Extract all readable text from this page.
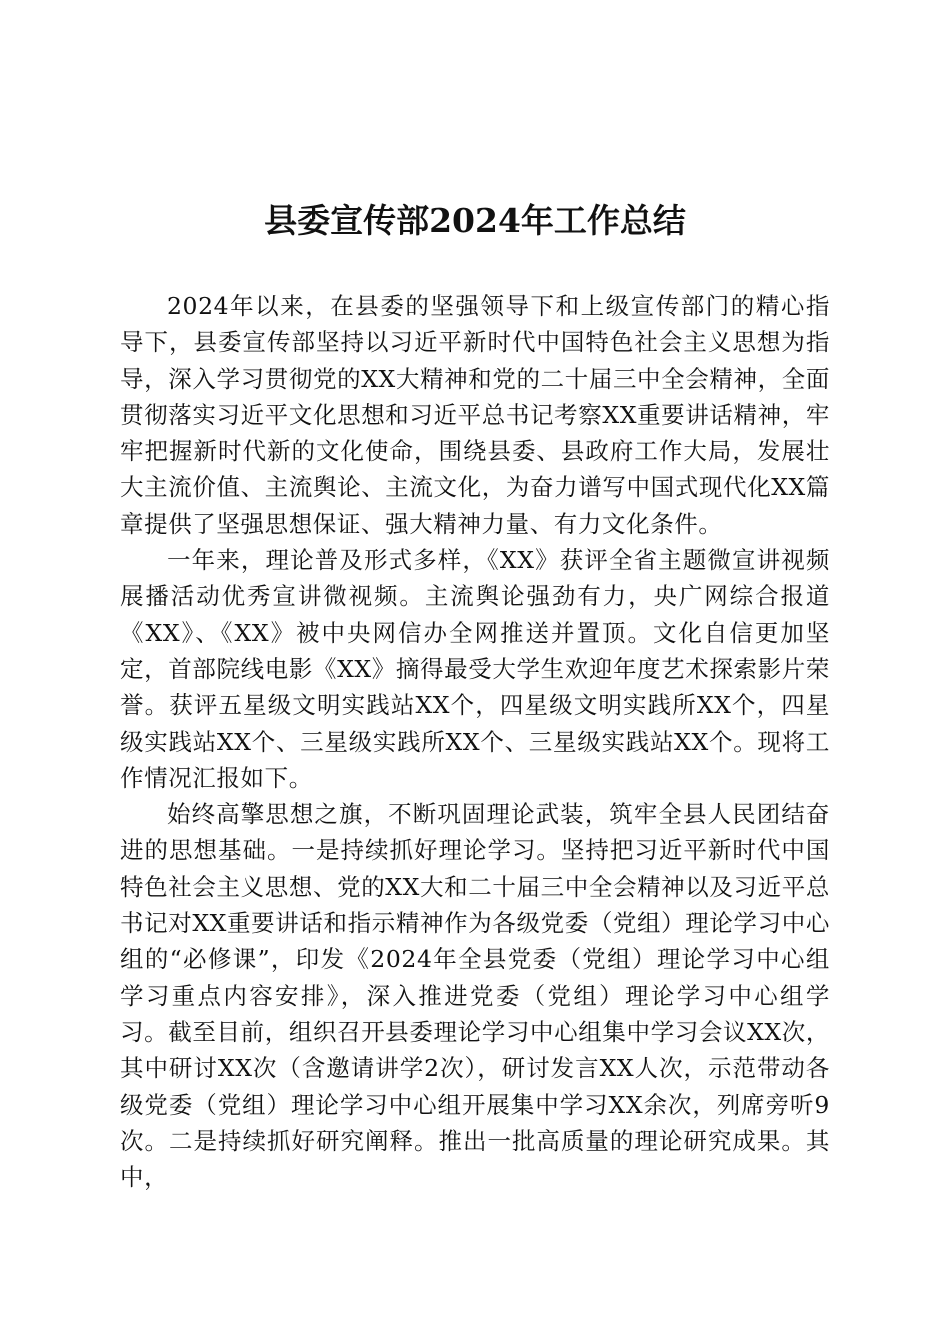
县委宣传部2024年工作总结

2024年以来，在县委的坚强领导下和上级宣传部门的精心指导下，县委宣传部坚持以习近平新时代中国特色社会主义思想为指导，深入学习贯彻党的XX大精神和党的二十届三中全会精神，全面贯彻落实习近平文化思想和习近平总书记考察XX重要讲话精神，牢牢把握新时代新的文化使命，围绕县委、县政府工作大局，发展壮大主流价值、主流舆论、主流文化，为奋力谱写中国式现代化XX篇章提供了坚强思想保证、强大精神力量、有力文化条件。

一年来，理论普及形式多样，《XX》获评全省主题微宣讲视频展播活动优秀宣讲微视频。主流舆论强劲有力，央广网综合报道《XX》、《XX》被中央网信办全网推送并置顶。文化自信更加坚定，首部院线电影《XX》摘得最受大学生欢迎年度艺术探索影片荣誉。获评五星级文明实践站XX个，四星级文明实践所XX个，四星级实践站XX个、三星级实践所XX个、三星级实践站XX个。现将工作情况汇报如下。

始终高擎思想之旗，不断巩固理论武装，筑牢全县人民团结奋进的思想基础。一是持续抓好理论学习。坚持把习近平新时代中国特色社会主义思想、党的XX大和二十届三中全会精神以及习近平总书记对XX重要讲话和指示精神作为各级党委（党组）理论学习中心组的“必修课”，印发《2024年全县党委（党组）理论学习中心组学习重点内容安排》，深入推进党委（党组）理论学习中心组学习。截至目前，组织召开县委理论学习中心组集中学习会议XX次，其中研讨XX次（含邀请讲学2次），研讨发言XX人次，示范带动各级党委（党组）理论学习中心组开展集中学习XX余次，列席旁听9次。二是持续抓好研究阐释。推出一批高质量的理论研究成果。其中，
